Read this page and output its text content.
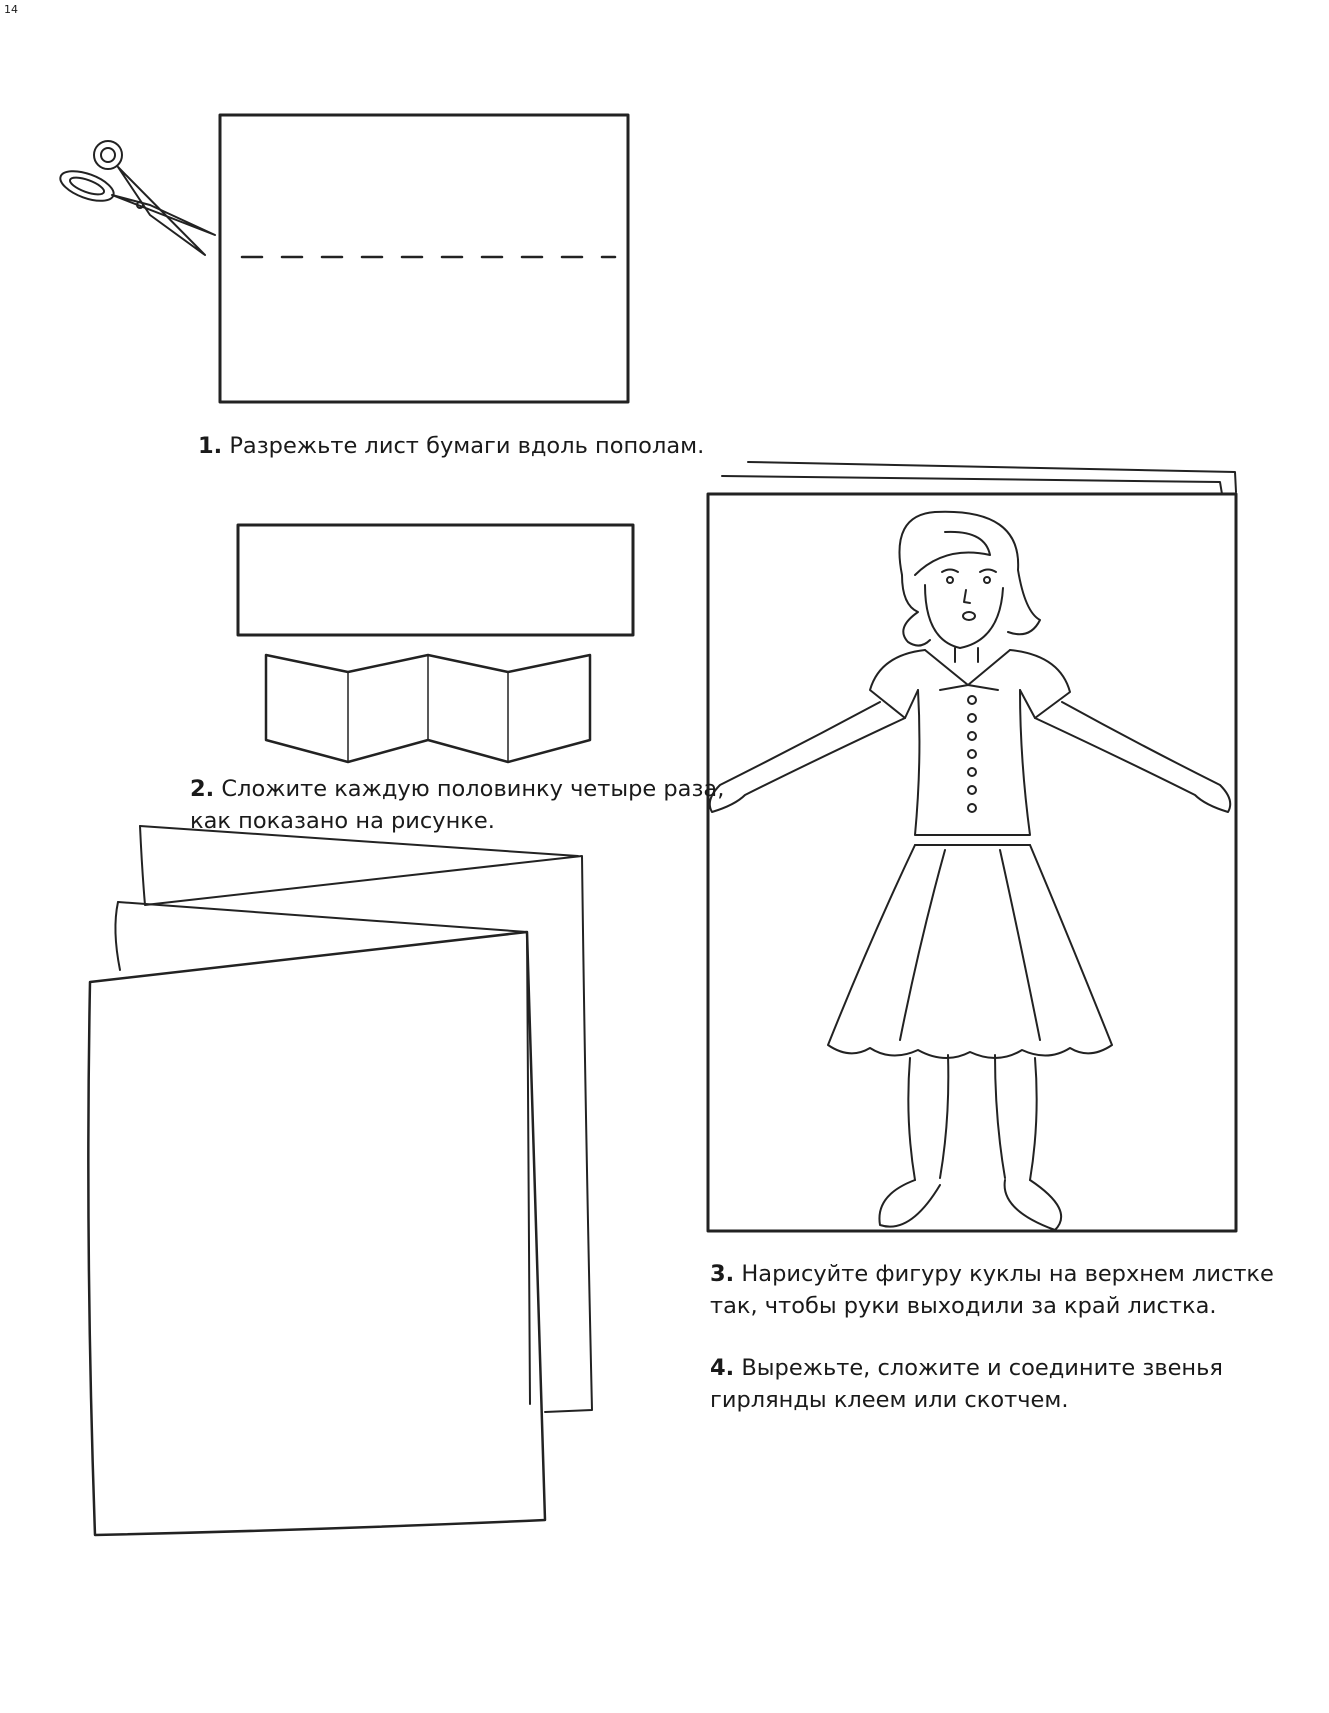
14
1. Разрежьте лист бумаги вдоль пополам.
2. Сложите каждую половинку четыре раза,
как показано на рисунке.
3. Нарисуйте фигуру куклы на верхнем листке
так, чтобы руки выходили за край листка.
4. Вырежьте, сложите и соедините звенья
гирлянды клеем или скотчем.
